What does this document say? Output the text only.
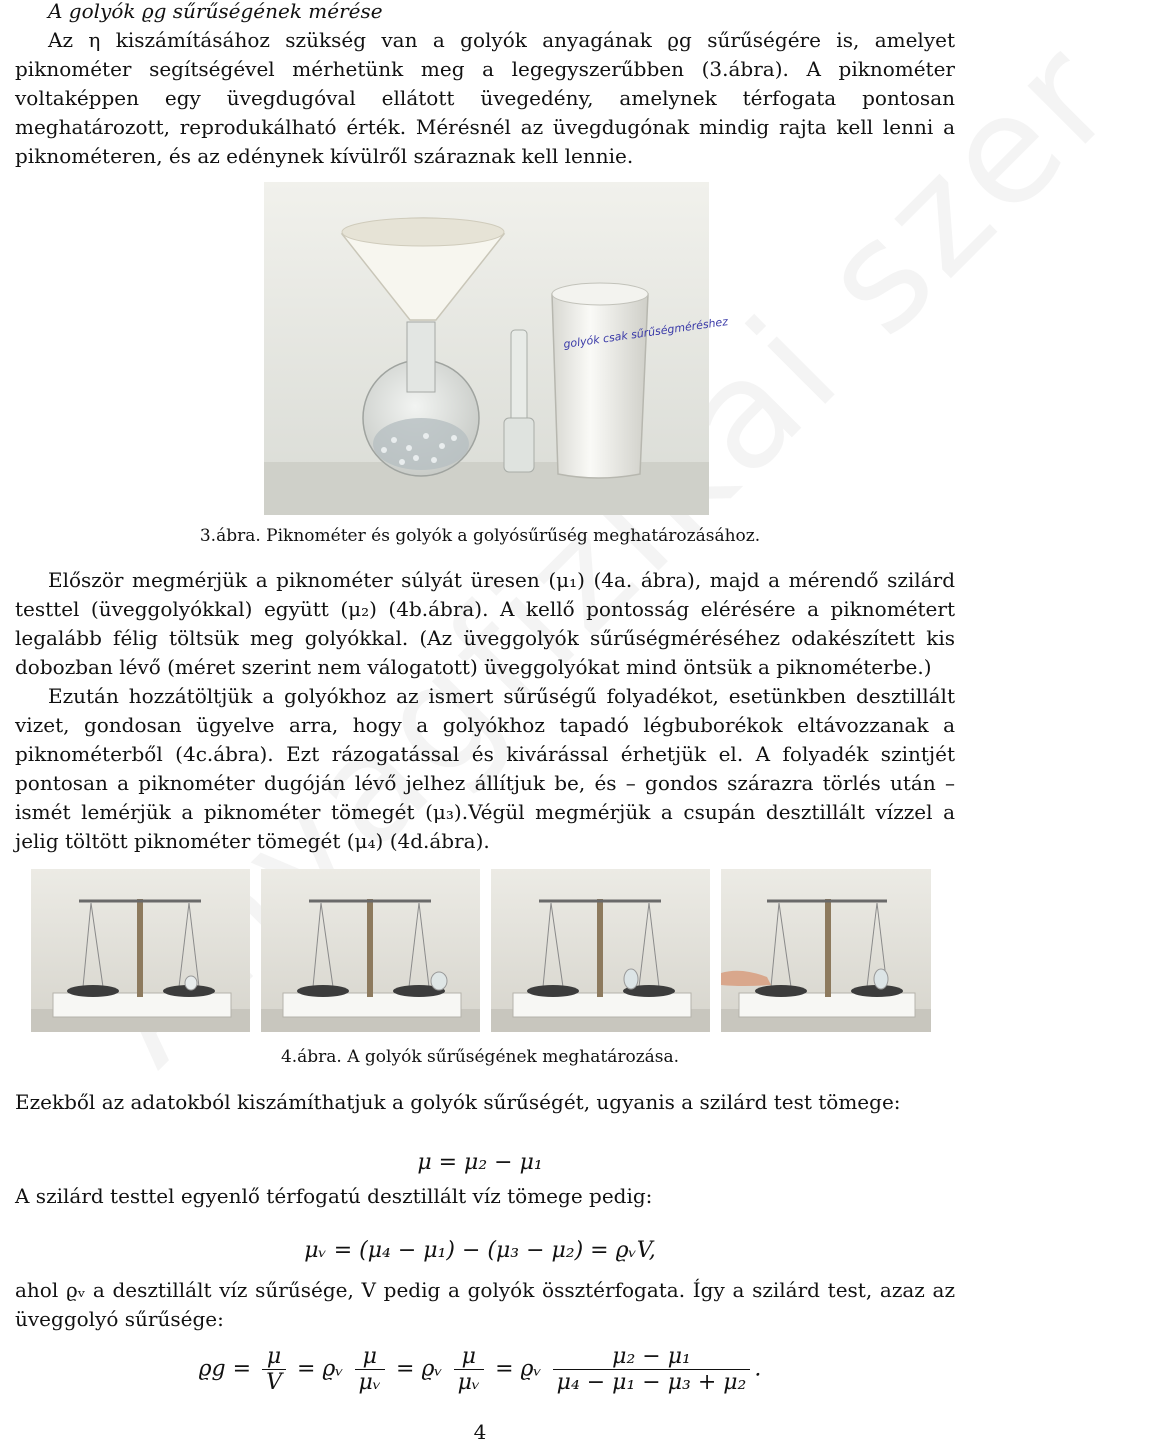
A golyók ϱg sűrűségének mérése

Az η kiszámításához szükség van a golyók anyagának ϱg sűrűségére is, amelyet piknométer segítségével mérhetünk meg a legegyszerűbben (3.ábra). A piknométer voltaképpen egy üvegdugóval ellátott üvegedény, amelynek térfogata pontosan meghatározott, reprodukálható érték. Mérésnél az üvegdugónak mindig rajta kell lenni a piknométeren, és az edénynek kívülről száraznak kell lennie.

golyók csak sűrűségméréshez
3.ábra. Piknométer és golyók a golyósűrűség meghatározásához.

Először megmérjük a piknométer súlyát üresen (μ₁) (4a. ábra), majd a mérendő szilárd testtel (üveggolyókkal) együtt (μ₂) (4b.ábra). A kellő pontosság elérésére a piknométert legalább félig töltsük meg golyókkal. (Az üveggolyók sűrűségméréséhez odakészített kis dobozban lévő (méret szerint nem válogatott) üveggolyókat mind öntsük a piknométerbe.)

Ezután hozzátöltjük a golyókhoz az ismert sűrűségű folyadékot, esetünkben desztillált vizet, gondosan ügyelve arra, hogy a golyókhoz tapadó légbuborékok eltávozzanak a piknométerből (4c.ábra). Ezt rázogatással és kivárással érhetjük el. A folyadék szintjét pontosan a piknométer dugóján lévő jelhez állítjuk be, és – gondos szárazra törlés után – ismét lemérjük a piknométer tömegét (μ₃).Végül megmérjük a csupán desztillált vízzel a jelig töltött piknométer tömegét (μ₄) (4d.ábra).

4.ábra. A golyók sűrűségének meghatározása.

Ezekből az adatokból kiszámíthatjuk a golyók sűrűségét, ugyanis a szilárd test tömege:

μ = μ₂ − μ₁

A szilárd testtel egyenlő térfogatú desztillált víz tömege pedig:

μᵥ = (μ₄ − μ₁) − (μ₃ − μ₂) = ϱᵥV,

ahol ϱᵥ a desztillált víz sűrűsége, V pedig a golyók össztérfogata. Így a szilárd test, azaz az üveggolyó sűrűsége:

$ϱg = \frac{\mu}{V}$ = ϱᵥ $\frac{\mu}{\text{μᵥ}}$ = ϱᵥ $\frac{\mu}{\text{μᵥ}}$ = ϱᵥ $\frac{\text{μ₂ − μ₁}}{\text{μ₄ − μ₁ − μ₃ + μ₂}}$ .
4
